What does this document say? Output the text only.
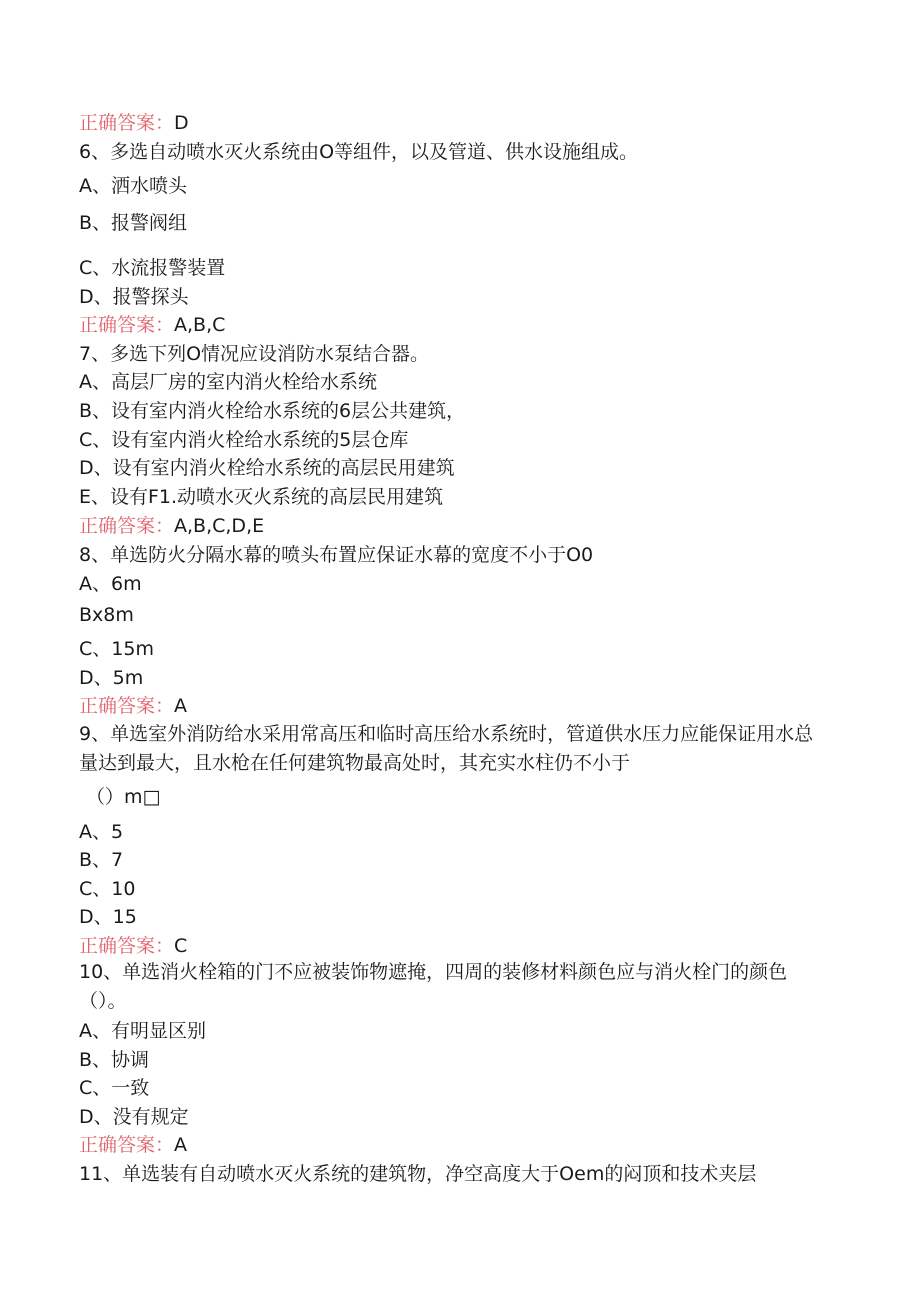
正确答案：D
6、多选自动喷水灭火系统由O等组件，以及管道、供水设施组成。
A、洒水喷头
B、报警阀组
C、水流报警装置
D、报警探头
正确答案：A,B,C
7、多选下列O情况应设消防水泵结合器。
A、高层厂房的室内消火栓给水系统
B、设有室内消火栓给水系统的6层公共建筑，
C、设有室内消火栓给水系统的5层仓库
D、设有室内消火栓给水系统的高层民用建筑
E、设有F1.动喷水灭火系统的高层民用建筑
正确答案：A,B,C,D,E
8、单选防火分隔水幕的喷头布置应保证水幕的宽度不小于O0
A、6m
Bx8m
C、15m
D、5m
正确答案：A
9、单选室外消防给水采用常高压和临时高压给水系统时，管道供水压力应能保证用水总量达到最大，且水枪在任何建筑物最高处时，其充实水柱仍不小于
（）m□
A、5
B、7
C、10
D、15
正确答案：C
10、单选消火栓箱的门不应被装饰物遮掩，四周的装修材料颜色应与消火栓门的颜色（）。
A、有明显区别
B、协调
C、一致
D、没有规定
正确答案：A
11、单选装有自动喷水灭火系统的建筑物，净空高度大于Oem的闷顶和技术夹层
